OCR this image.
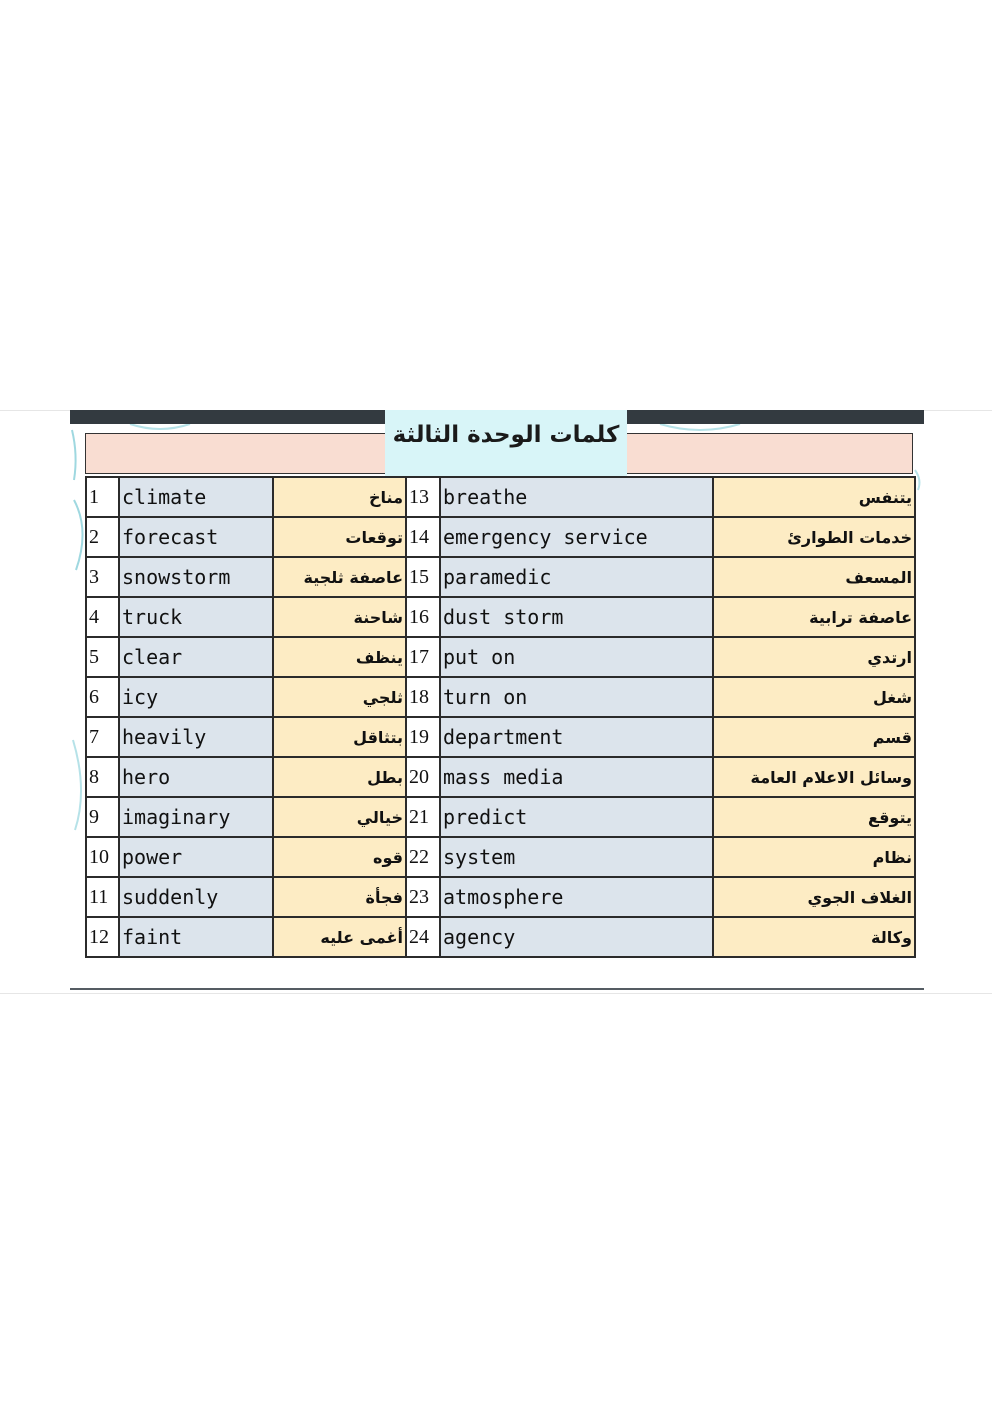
كلمات الوحدة الثالثة
1	climate	مناخ	13	breathe	يتنفس
2	forecast	توقعات	14	emergency service	خدمات الطوارئ
3	snowstorm	عاصفة ثلجية	15	paramedic	المسعف
4	truck	شاحنة	16	dust storm	عاصفة ترابية
5	clear	ينظف	17	put on	ارتدي
6	icy	ثلجي	18	turn on	شغل
7	heavily	بتثاقل	19	department	قسم
8	hero	بطل	20	mass media	وسائل الاعلام العامة
9	imaginary	خيالي	21	predict	يتوقع
10	power	قوه	22	system	نظام
11	suddenly	فجأة	23	atmosphere	الغلاف الجوي
12	faint	أغمى عليه	24	agency	وكالة
